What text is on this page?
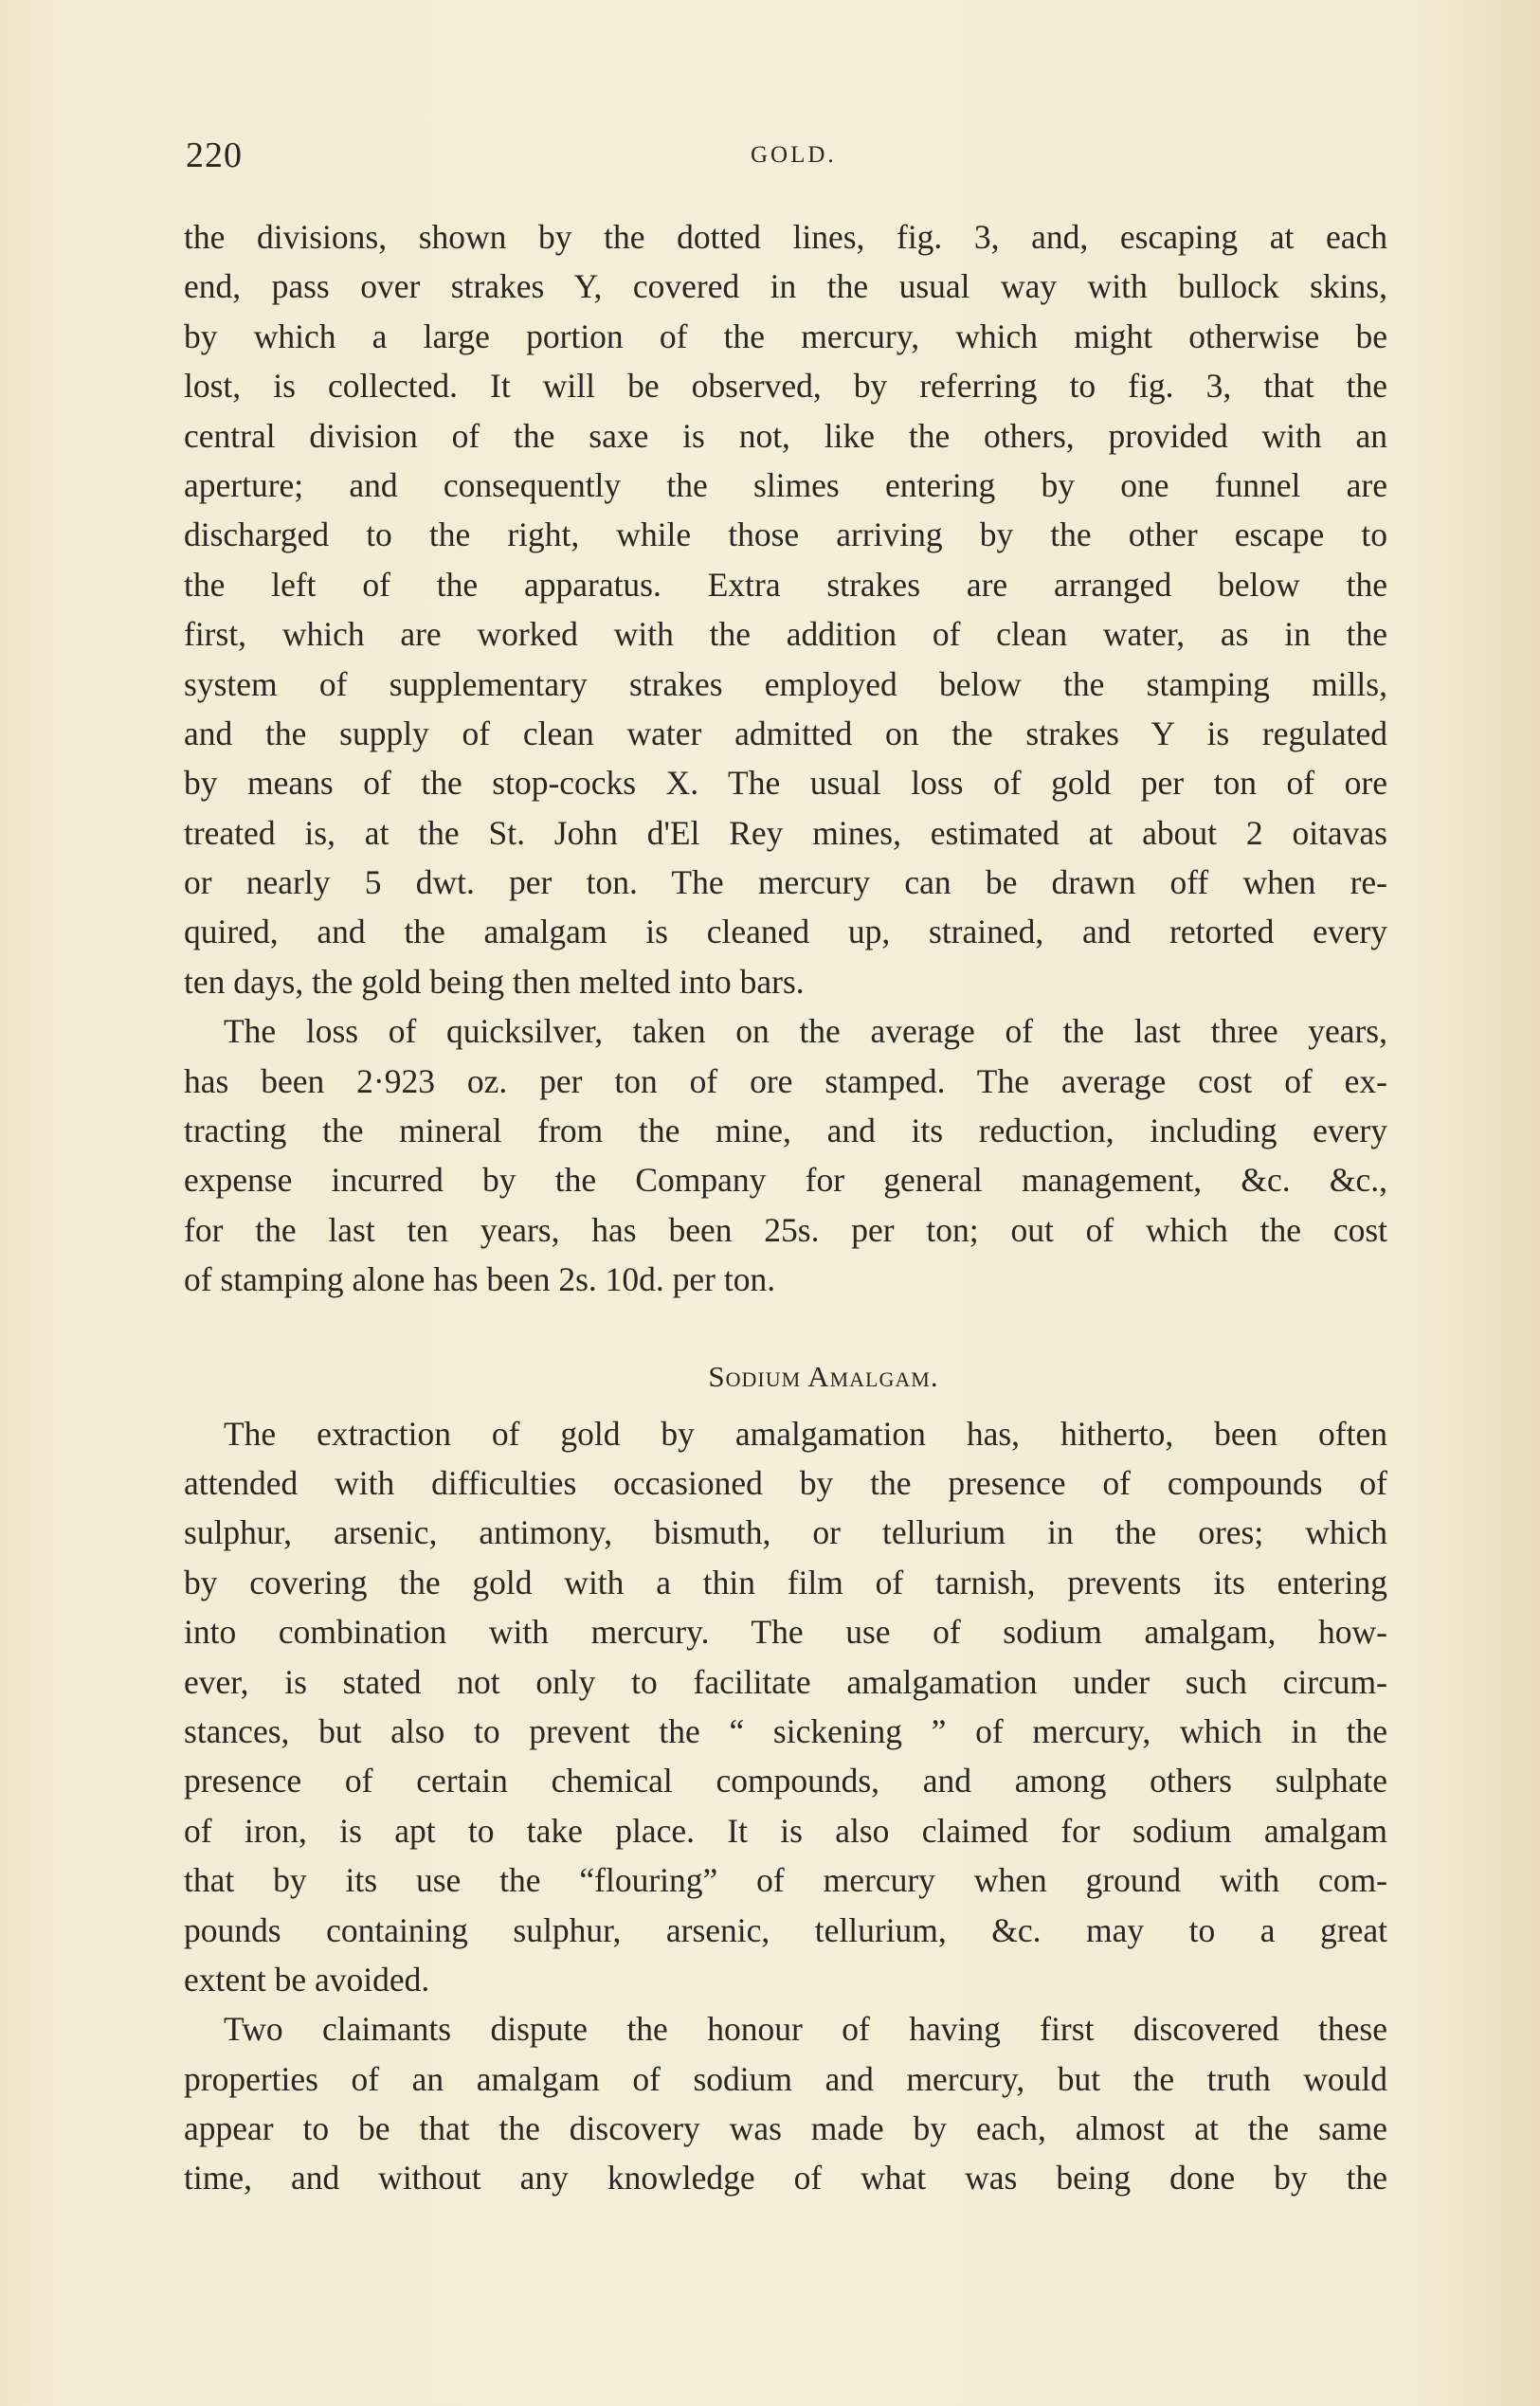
220	GOLD.
the divisions, shown by the dotted lines, fig. 3, and, escaping at each
end, pass over strakes Y, covered in the usual way with bullock skins,
by which a large portion of the mercury, which might otherwise be
lost, is collected. It will be observed, by referring to fig. 3, that the
central division of the saxe is not, like the others, provided with an
aperture; and consequently the slimes entering by one funnel are
discharged to the right, while those arriving by the other escape to
the left of the apparatus. Extra strakes are arranged below the
first, which are worked with the addition of clean water, as in the
system of supplementary strakes employed below the stamping mills,
and the supply of clean water admitted on the strakes Y is regulated
by means of the stop-cocks X. The usual loss of gold per ton of ore
treated is, at the St. John d'El Rey mines, estimated at about 2 oitavas
or nearly 5 dwt. per ton. The mercury can be drawn off when re-
quired, and the amalgam is cleaned up, strained, and retorted every
ten days, the gold being then melted into bars.
The loss of quicksilver, taken on the average of the last three years,
has been 2·923 oz. per ton of ore stamped. The average cost of ex-
tracting the mineral from the mine, and its reduction, including every
expense incurred by the Company for general management, &c. &c.,
for the last ten years, has been 25s. per ton; out of which the cost
of stamping alone has been 2s. 10d. per ton.
Sodium Amalgam.
The extraction of gold by amalgamation has, hitherto, been often
attended with difficulties occasioned by the presence of compounds of
sulphur, arsenic, antimony, bismuth, or tellurium in the ores; which
by covering the gold with a thin film of tarnish, prevents its entering
into combination with mercury. The use of sodium amalgam, how-
ever, is stated not only to facilitate amalgamation under such circum-
stances, but also to prevent the “ sickening ” of mercury, which in the
presence of certain chemical compounds, and among others sulphate
of iron, is apt to take place. It is also claimed for sodium amalgam
that by its use the “flouring” of mercury when ground with com-
pounds containing sulphur, arsenic, tellurium, &c. may to a great
extent be avoided.
Two claimants dispute the honour of having first discovered these
properties of an amalgam of sodium and mercury, but the truth would
appear to be that the discovery was made by each, almost at the same
time, and without any knowledge of what was being done by the
